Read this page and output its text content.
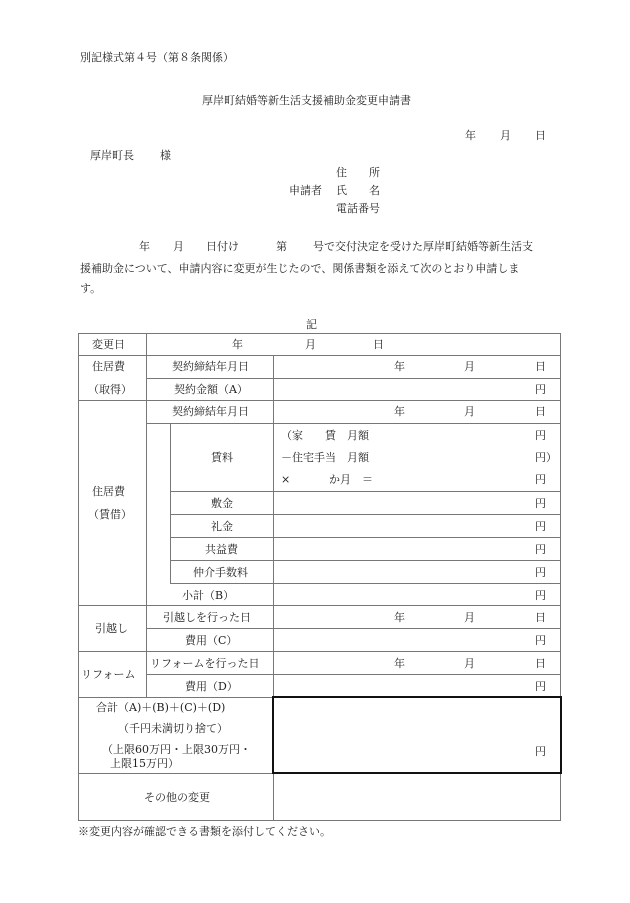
別記様式第４号（第８条関係）
厚岸町結婚等新生活支援補助金変更申請書
年 月 日
厚岸町長 様
住　　所
申請者 氏　　名
電話番号
年 月 日付け	第 号で交付決定を受けた厚岸町結婚等新生活支
援補助金について、申請内容に変更が生じたので、関係書類を添えて次のとおり申請しま
す。
記
変更日	年	月	日
住居費
（取得）
契約締結年月日	年	月	日
契約金額（A）	円
住居費
（賃借）
契約締結年月日	年	月	日
賃料
（家　　賃　月額	円
－住宅手当　月額	円）
×	か月　＝	円
敷金	円
礼金	円
共益費	円
仲介手数料	円
小計（B）	円
引越し
引越しを行った日	年	月	日
費用（C）	円
リフォーム
リフォームを行った日	年	月	日
費用（D）	円
合計（A)＋(B)＋(C)＋(D)
（千円未満切り捨て）
（上限60万円・上限30万円・
上限15万円）
円
その他の変更
※変更内容が確認できる書類を添付してください。
